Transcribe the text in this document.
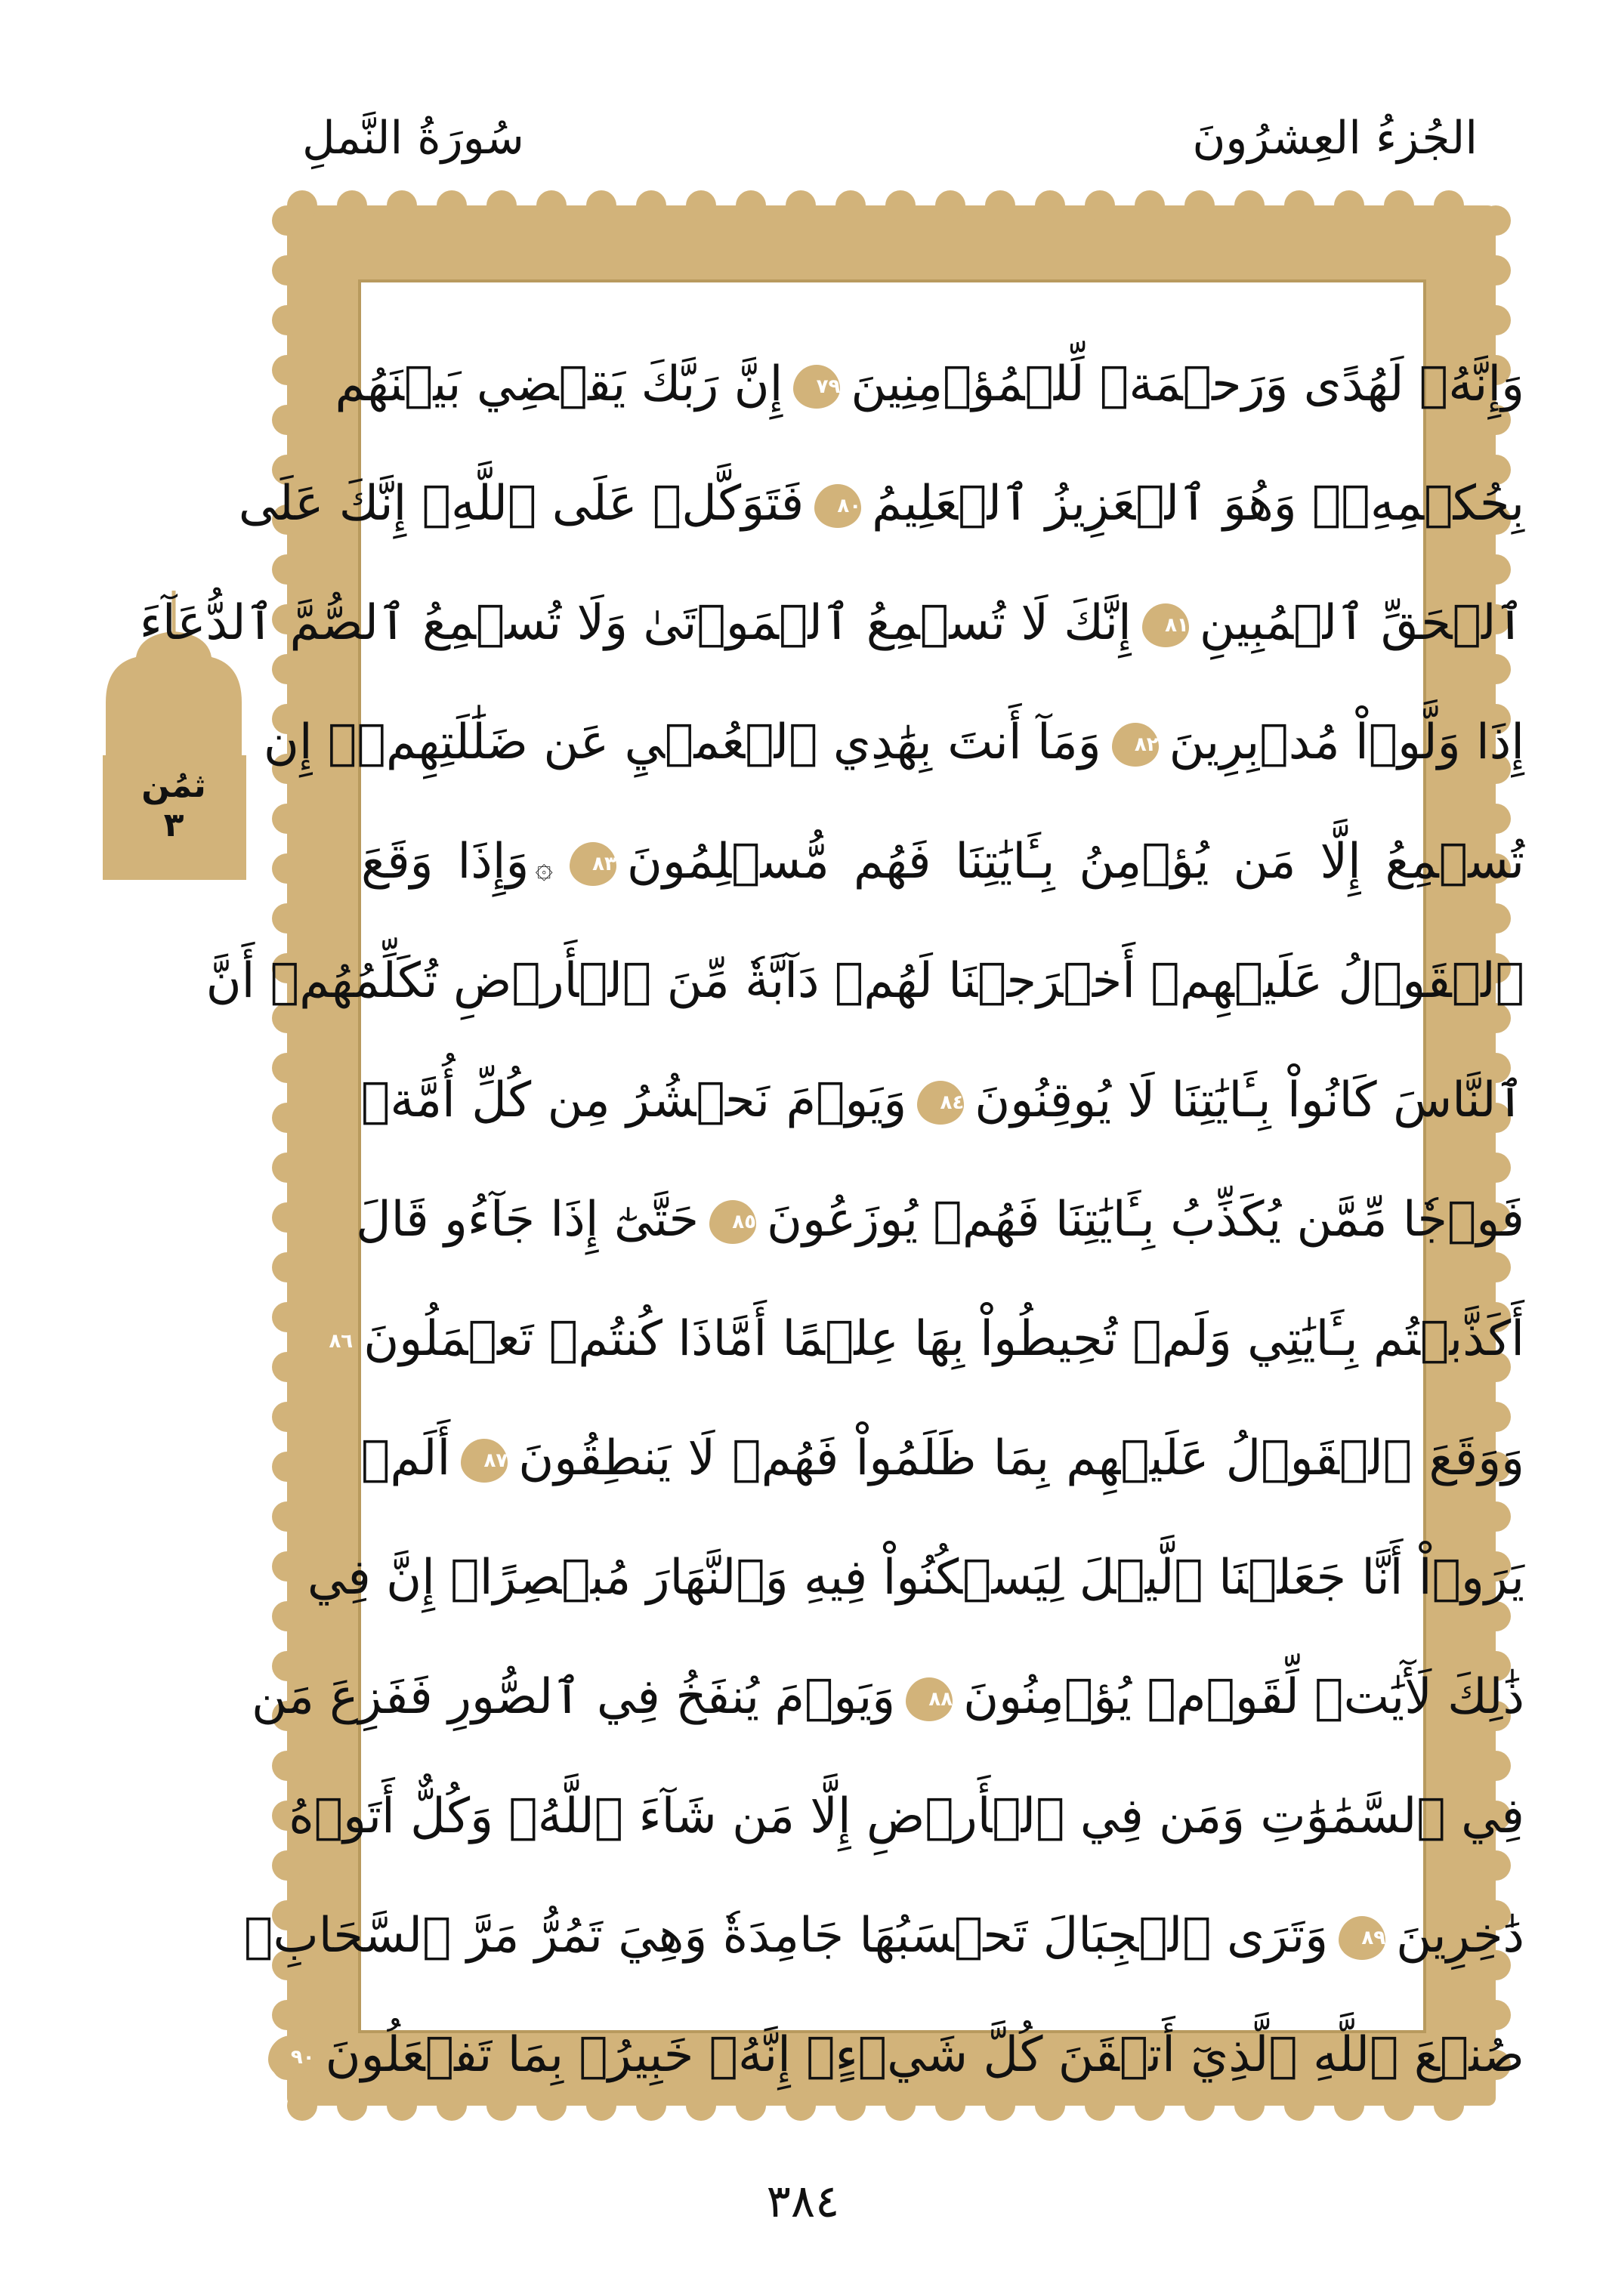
الجُزءُ العِشرُونَ
سُورَةُ النَّملِ
ثمُن
٣
وَإِنَّهُۥ لَهُدًى وَرَحۡمَةٞ لِّلۡمُؤۡمِنِينَ٧٩إِنَّ رَبَّكَ يَقۡضِي بَيۡنَهُم
بِحُكۡمِهِۦۚ وَهُوَ ٱلۡعَزِيزُ ٱلۡعَلِيمُ٨٠فَتَوَكَّلۡ عَلَى ٱللَّهِۖ إِنَّكَ عَلَى
ٱلۡحَقِّ ٱلۡمُبِينِ٨١إِنَّكَ لَا تُسۡمِعُ ٱلۡمَوۡتَىٰ وَلَا تُسۡمِعُ ٱلصُّمَّ ٱلدُّعَآءَ
إِذَا وَلَّوۡاْ مُدۡبِرِينَ٨٢وَمَآ أَنتَ بِهَٰدِي ٱلۡعُمۡيِ عَن ضَلَٰلَتِهِمۡۖ إِن
تُسۡمِعُ إِلَّا مَن يُؤۡمِنُ بِـَٔايَٰتِنَا فَهُم مُّسۡلِمُونَ٨٣۞وَإِذَا وَقَعَ
ٱلۡقَوۡلُ عَلَيۡهِمۡ أَخۡرَجۡنَا لَهُمۡ دَآبَّةٗ مِّنَ ٱلۡأَرۡضِ تُكَلِّمُهُمۡ أَنَّ
ٱلنَّاسَ كَانُواْ بِـَٔايَٰتِنَا لَا يُوقِنُونَ٨٤وَيَوۡمَ نَحۡشُرُ مِن كُلِّ أُمَّةٖ
فَوۡجٗا مِّمَّن يُكَذِّبُ بِـَٔايَٰتِنَا فَهُمۡ يُوزَعُونَ٨٥حَتَّىٰٓ إِذَا جَآءُو قَالَ
أَكَذَّبۡتُم بِـَٔايَٰتِي وَلَمۡ تُحِيطُواْ بِهَا عِلۡمًا أَمَّاذَا كُنتُمۡ تَعۡمَلُونَ٨٦
وَوَقَعَ ٱلۡقَوۡلُ عَلَيۡهِم بِمَا ظَلَمُواْ فَهُمۡ لَا يَنطِقُونَ٨٧أَلَمۡ
يَرَوۡاْ أَنَّا جَعَلۡنَا ٱلَّيۡلَ لِيَسۡكُنُواْ فِيهِ وَٱلنَّهَارَ مُبۡصِرًاۚ إِنَّ فِي
ذَٰلِكَ لَأٓيَٰتٖ لِّقَوۡمٖ يُؤۡمِنُونَ٨٨وَيَوۡمَ يُنفَخُ فِي ٱلصُّورِ فَفَزِعَ مَن
فِي ٱلسَّمَٰوَٰتِ وَمَن فِي ٱلۡأَرۡضِ إِلَّا مَن شَآءَ ٱللَّهُۚ وَكُلٌّ أَتَوۡهُ
دَٰخِرِينَ٨٩وَتَرَى ٱلۡجِبَالَ تَحۡسَبُهَا جَامِدَةٗ وَهِيَ تَمُرُّ مَرَّ ٱلسَّحَابِۚ
صُنۡعَ ٱللَّهِ ٱلَّذِيٓ أَتۡقَنَ كُلَّ شَيۡءٍۚ إِنَّهُۥ خَبِيرُۢ بِمَا تَفۡعَلُونَ٩٠
٣٨٤
